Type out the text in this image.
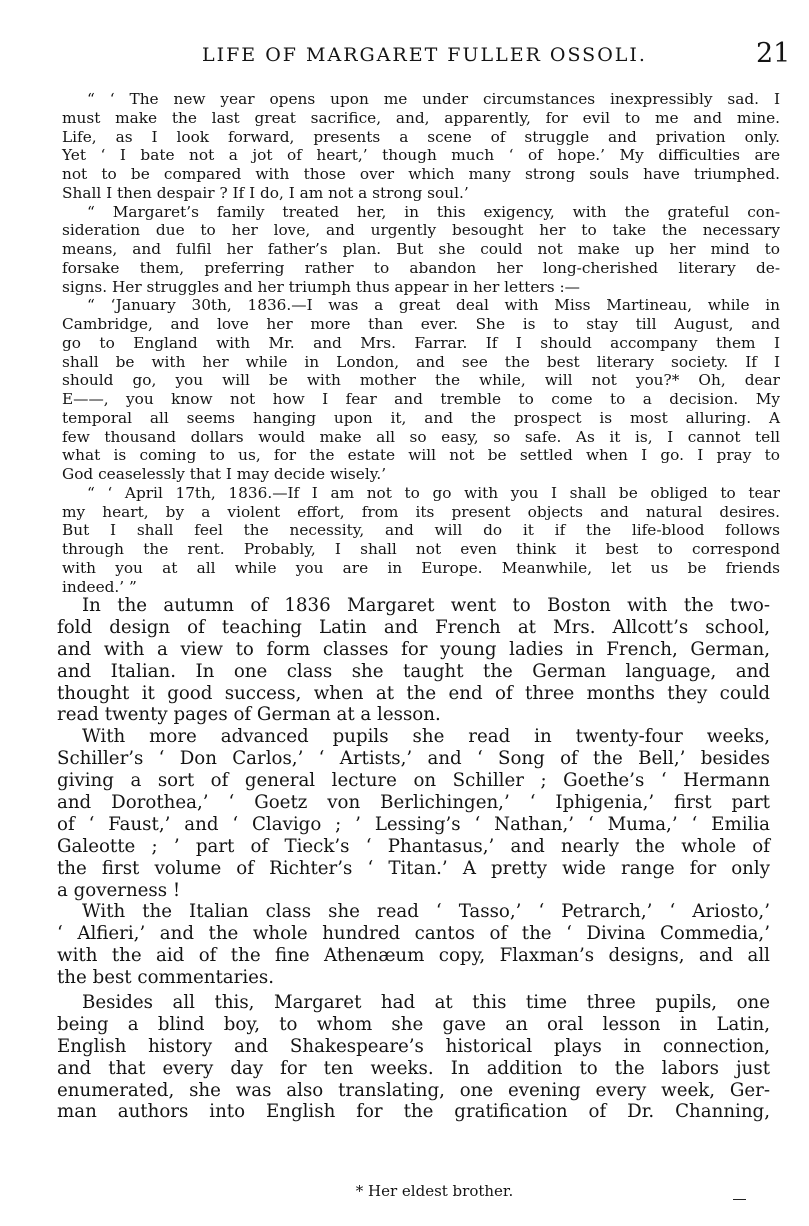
LIFE OF MARGARET FULLER OSSOLI.	21
“ ‘ The new year opens upon me under circumstances inexpressibly sad. I
must make the last great sacrifice, and, apparently, for evil to me and mine.
Life, as I look forward, presents a scene of struggle and privation only.
Yet ‘ I bate not a jot of heart,’ though much ‘ of hope.’ My difficulties are
not to be compared with those over which many strong souls have triumphed.
Shall I then despair ? If I do, I am not a strong soul.’
“ Margaret’s family treated her, in this exigency, with the grateful con-
sideration due to her love, and urgently besought her to take the necessary
means, and fulfil her father’s plan. But she could not make up her mind to
forsake them, preferring rather to abandon her long-cherished literary de-
signs. Her struggles and her triumph thus appear in her letters :—
“ ‘January 30th, 1836.—I was a great deal with Miss Martineau, while in
Cambridge, and love her more than ever. She is to stay till August, and
go to England with Mr. and Mrs. Farrar. If I should accompany them I
shall be with her while in London, and see the best literary society. If I
should go, you will be with mother the while, will not you?* Oh, dear
E——, you know not how I fear and tremble to come to a decision. My
temporal all seems hanging upon it, and the prospect is most alluring. A
few thousand dollars would make all so easy, so safe. As it is, I cannot tell
what is coming to us, for the estate will not be settled when I go. I pray to
God ceaselessly that I may decide wisely.’
“ ‘ April 17th, 1836.—If I am not to go with you I shall be obliged to tear
my heart, by a violent effort, from its present objects and natural desires.
But I shall feel the necessity, and will do it if the life-blood follows
through the rent. Probably, I shall not even think it best to correspond
with you at all while you are in Europe. Meanwhile, let us be friends
indeed.’ ”
In the autumn of 1836 Margaret went to Boston with the two-
fold design of teaching Latin and French at Mrs. Allcott’s school,
and with a view to form classes for young ladies in French, German,
and Italian. In one class she taught the German language, and
thought it good success, when at the end of three months they could
read twenty pages of German at a lesson.
With more advanced pupils she read in twenty-four weeks,
Schiller’s ‘ Don Carlos,’ ‘ Artists,’ and ‘ Song of the Bell,’ besides
giving a sort of general lecture on Schiller ; Goethe’s ‘ Hermann
and Dorothea,’ ‘ Goetz von Berlichingen,’ ‘ Iphigenia,’ first part
of ‘ Faust,’ and ‘ Clavigo ; ’ Lessing’s ‘ Nathan,’ ‘ Muma,’ ‘ Emilia
Galeotte ; ’ part of Tieck’s ‘ Phantasus,’ and nearly the whole of
the first volume of Richter’s ‘ Titan.’ A pretty wide range for only
a governess !
With the Italian class she read ‘ Tasso,’ ‘ Petrarch,’ ‘ Ariosto,’
‘ Alfieri,’ and the whole hundred cantos of the ‘ Divina Commedia,’
with the aid of the fine Athenæum copy, Flaxman’s designs, and all
the best commentaries.
Besides all this, Margaret had at this time three pupils, one
being a blind boy, to whom she gave an oral lesson in Latin,
English history and Shakespeare’s historical plays in connection,
and that every day for ten weeks. In addition to the labors just
enumerated, she was also translating, one evening every week, Ger-
man authors into English for the gratification of Dr. Channing,
* Her eldest brother.
